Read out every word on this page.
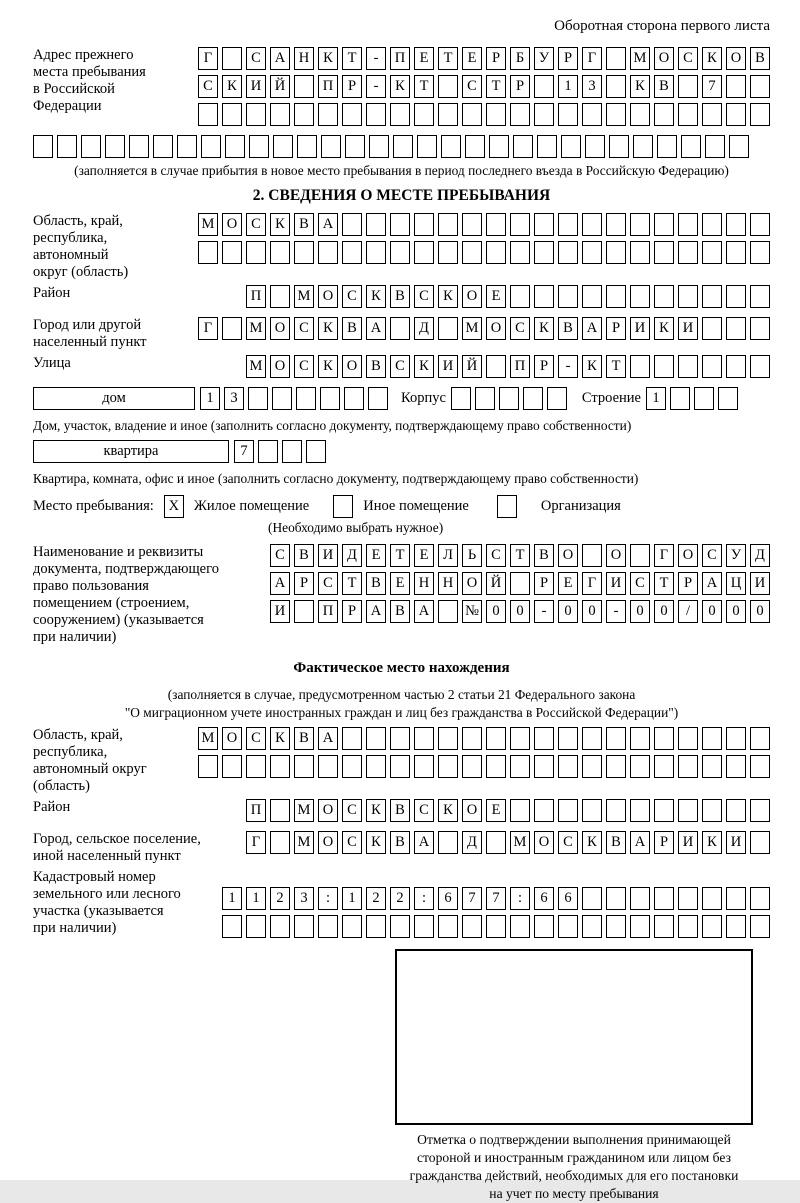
Оборотная сторона первого листа
Адрес прежнего
места пребывания
в Российской
Федерации
Г	С А Н К	Т	-	П Е	Т	Е	Р	Б	У	Р	Г	М О С К О В
С К И Й	П	Р	-	К	Т	С	Т	Р	1	3	К В	7
(заполняется в случае прибытия в новое место пребывания в период последнего въезда в Российскую Федерацию)
2. СВЕДЕНИЯ О МЕСТЕ ПРЕБЫВАНИЯ
Область, край,
республика,
автономный
округ (область)
М О С К В А
Район	П	М О С К В С К О Е
Город или другой
населенный пункт
Г	М О С К В А	Д	М О С К В А	Р	И К И
Улица	М О С К О В С К И Й	П	Р	-	К	Т
дом	1	3	Корпус	Строение 1
Дом, участок, владение и иное (заполнить согласно документу, подтверждающему право собственности)
квартира	7
Квартира, комната, офис и иное (заполнить согласно документу, подтверждающему право собственности)
Место пребывания:	X	Жилое помещение	Иное помещение	Организация
(Необходимо выбрать нужное)
Наименование и реквизиты
документа, подтверждающего
право пользования
помещением (строением,
сооружением) (указывается
при наличии)
С В И Д	Е	Т	Е	Л	Ь	С	Т	В О	О	Г	О С У Д
А	Р	С	Т	В	Е Н Н О Й	Р	Е	Г	И С	Т	Р	А Ц И
И	П	Р	А В А	№ 0	0	-	0	0	-	0	0	/	0	0	0
Фактическое место нахождения
(заполняется в случае, предусмотренном частью 2 статьи 21 Федерального закона
"О миграционном учете иностранных граждан и лиц без гражданства в Российской Федерации")
Область, край,
республика,
автономный округ
(область)
М О С К В А
Район	П	М О С К В С К О Е
Город, сельское поселение,
иной населенный пункт
Г	М О С К В А	Д	М О С К В А	Р	И К И
Кадастровый номер
земельного или лесного
участка (указывается
при наличии)
1	1	2	3	:	1	2	2	:	6	7	7	:	6	6
Отметка о подтверждении выполнения принимающей
стороной и иностранным гражданином или лицом без
гражданства действий, необходимых для его постановки
на учет по месту пребывания
